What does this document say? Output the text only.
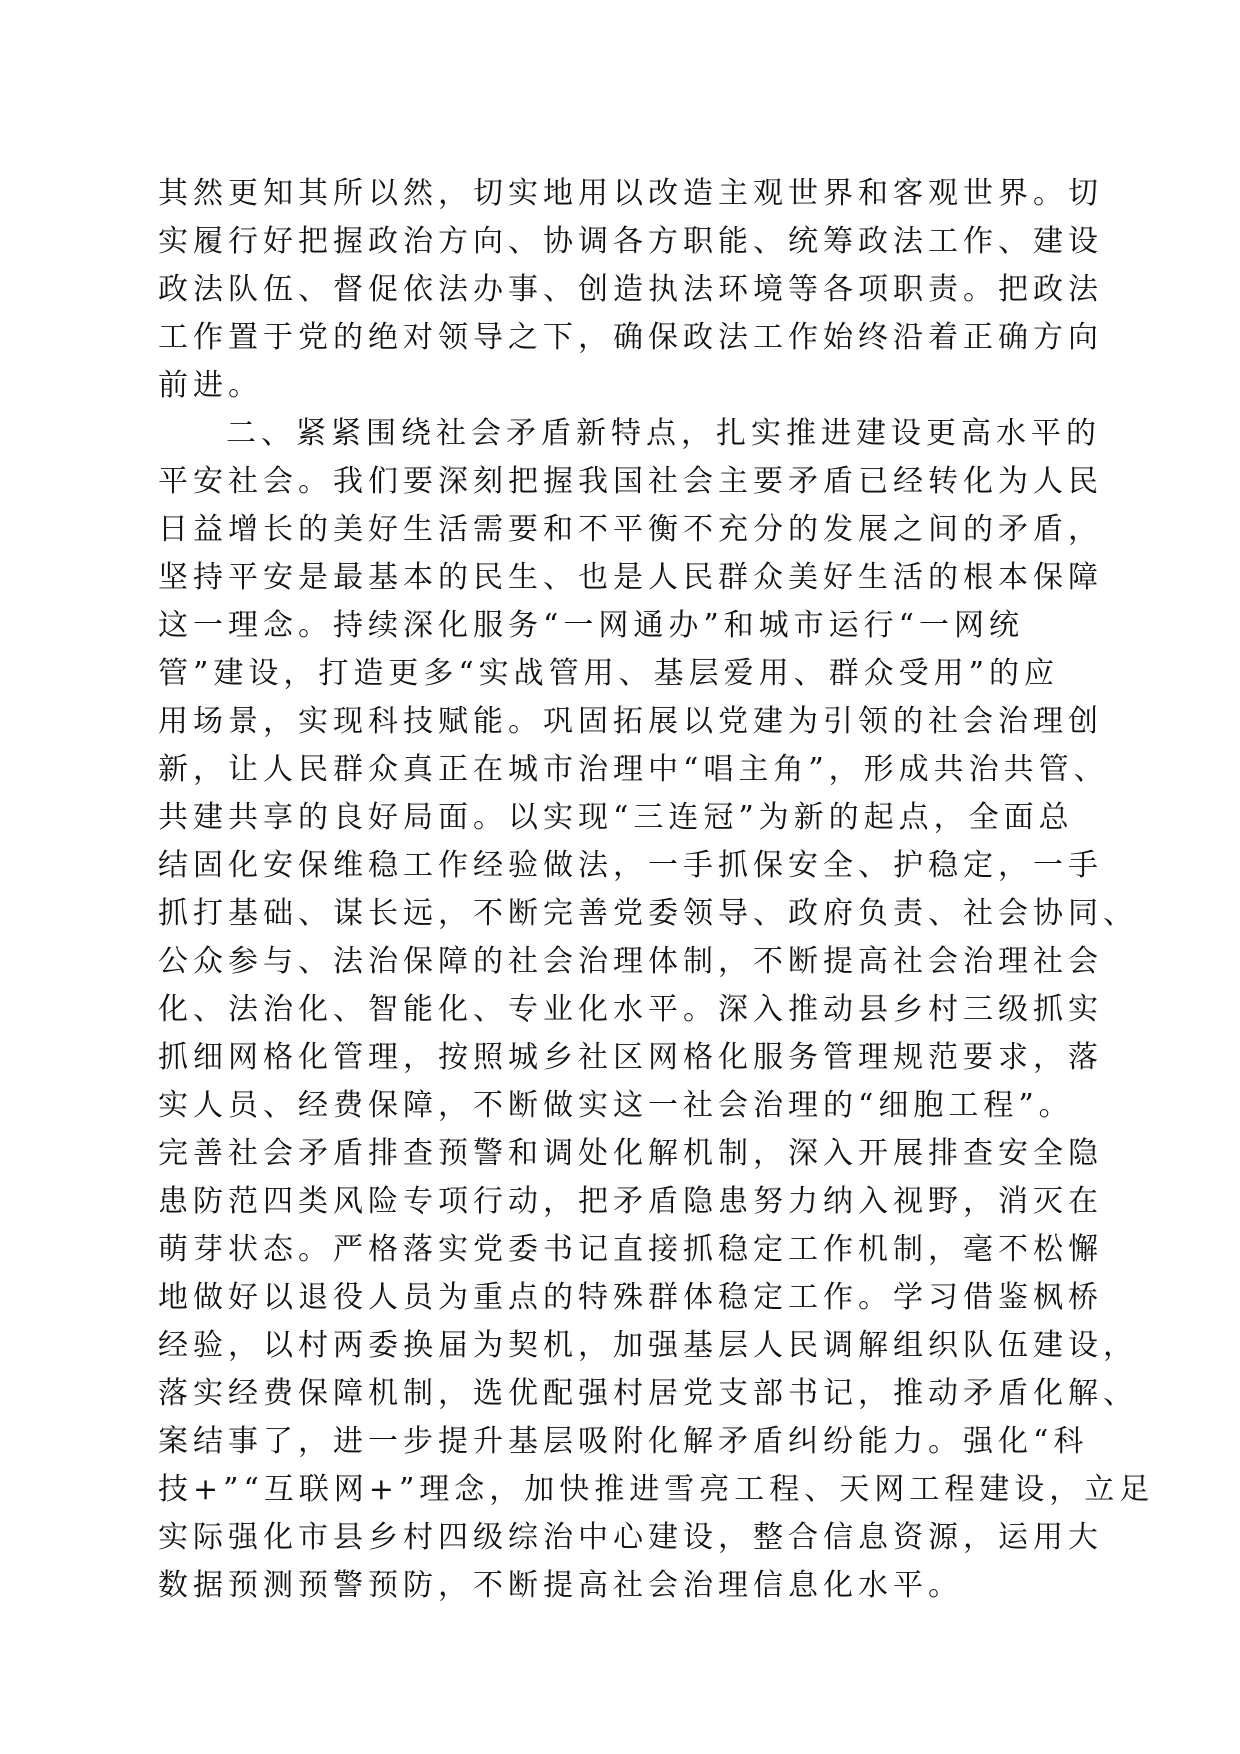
其然更知其所以然，切实地用以改造主观世界和客观世界。切
实履行好把握政治方向、协调各方职能、统筹政法工作、建设
政法队伍、督促依法办事、创造执法环境等各项职责。把政法
工作置于党的绝对领导之下，确保政法工作始终沿着正确方向
前进。
二、紧紧围绕社会矛盾新特点，扎实推进建设更高水平的
平安社会。我们要深刻把握我国社会主要矛盾已经转化为人民
日益增长的美好生活需要和不平衡不充分的发展之间的矛盾，
坚持平安是最基本的民生、也是人民群众美好生活的根本保障
这一理念。持续深化服务“一网通办”和城市运行“一网统
管”建设，打造更多“实战管用、基层爱用、群众受用”的应
用场景，实现科技赋能。巩固拓展以党建为引领的社会治理创
新，让人民群众真正在城市治理中“唱主角”，形成共治共管、
共建共享的良好局面。以实现“三连冠”为新的起点，全面总
结固化安保维稳工作经验做法，一手抓保安全、护稳定，一手
抓打基础、谋长远，不断完善党委领导、政府负责、社会协同、
公众参与、法治保障的社会治理体制，不断提高社会治理社会
化、法治化、智能化、专业化水平。深入推动县乡村三级抓实
抓细网格化管理，按照城乡社区网格化服务管理规范要求，落
实人员、经费保障，不断做实这一社会治理的“细胞工程”。
完善社会矛盾排查预警和调处化解机制，深入开展排查安全隐
患防范四类风险专项行动，把矛盾隐患努力纳入视野，消灭在
萌芽状态。严格落实党委书记直接抓稳定工作机制，毫不松懈
地做好以退役人员为重点的特殊群体稳定工作。学习借鉴枫桥
经验，以村两委换届为契机，加强基层人民调解组织队伍建设，
落实经费保障机制，选优配强村居党支部书记，推动矛盾化解、
案结事了，进一步提升基层吸附化解矛盾纠纷能力。强化“科
技+”“互联网+”理念，加快推进雪亮工程、天网工程建设，立足
实际强化市县乡村四级综治中心建设，整合信息资源，运用大
数据预测预警预防，不断提高社会治理信息化水平。
